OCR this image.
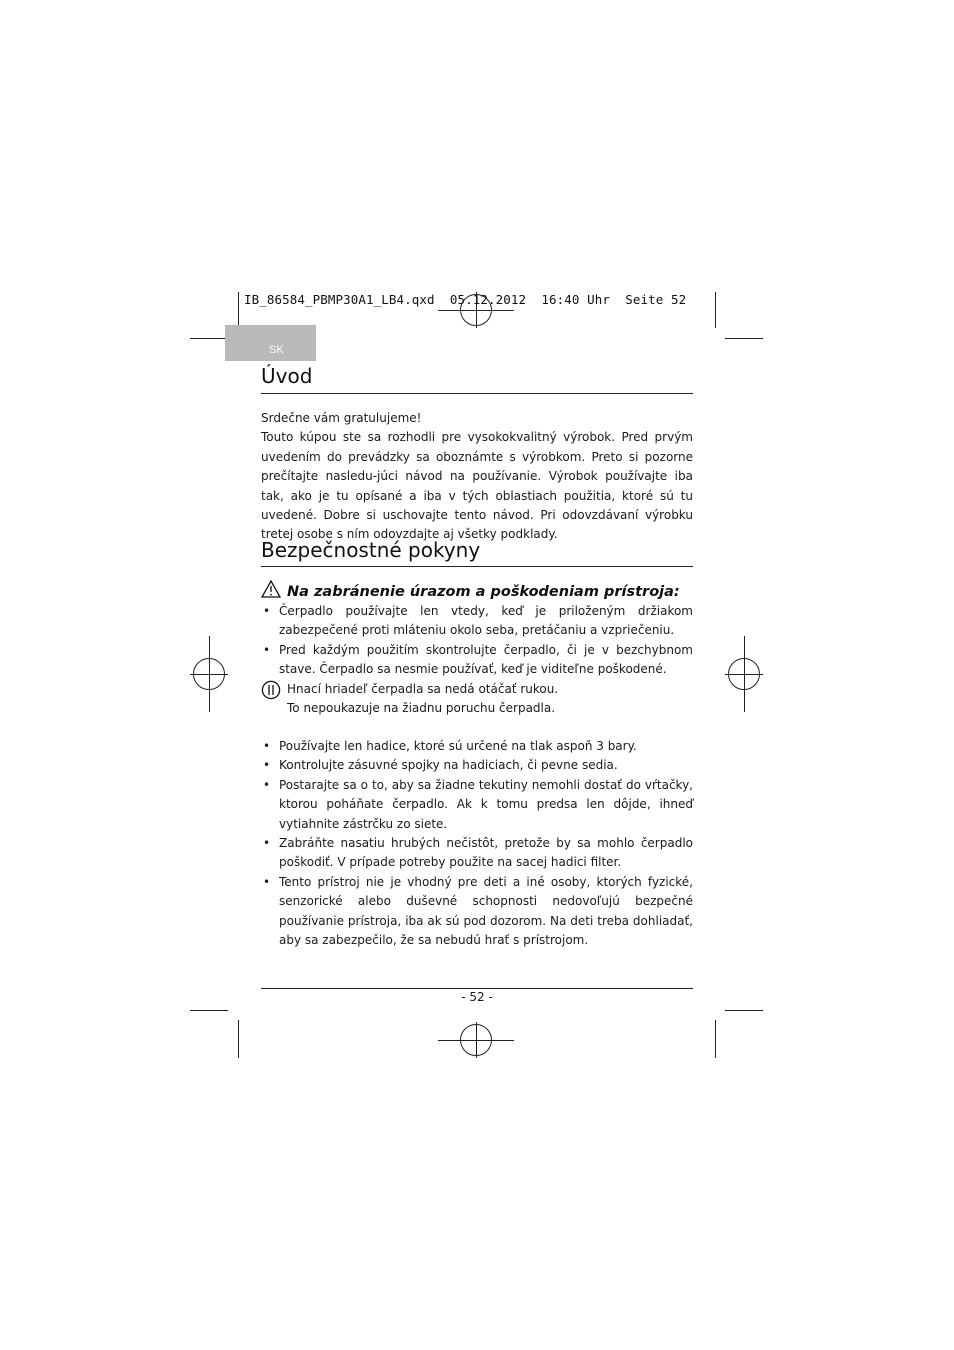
IB_86584_PBMP30A1_LB4.qxd  05.12.2012  16:40 Uhr  Seite 52
SK
Úvod

Srdečne vám gratulujeme!

Touto kúpou ste sa rozhodli pre vysokokvalitný výrobok. Pred prvým uvedením do prevádzky sa oboznámte s výrobkom. Preto si pozorne prečítajte nasledu-júci návod na používanie. Výrobok používajte iba tak, ako je tu opísané a iba v tých oblastiach použitia, ktoré sú tu uvedené. Dobre si uschovajte tento návod. Pri odovzdávaní výrobku tretej osobe s ním odovzdajte aj všetky podklady.

Bezpečnostné pokyny
Na zabránenie úrazom a poškodeniam prístroja:
• Čerpadlo používajte len vtedy, keď je priloženým držiakom zabezpečené proti mláteniu okolo seba, pretáčaniu a vzpriečeniu.
• Pred každým použitím skontrolujte čerpadlo, či je v bezchybnom stave. Čerpadlo sa nesmie používať, keď je viditeľne poškodené.
Hnací hriadeľ čerpadla sa nedá otáčať rukou.
To nepoukazuje na žiadnu poruchu čerpadla.
• Používajte len hadice, ktoré sú určené na tlak aspoň 3 bary.
• Kontrolujte zásuvné spojky na hadiciach, či pevne sedia.
• Postarajte sa o to, aby sa žiadne tekutiny nemohli dostať do vŕtačky, ktorou poháňate čerpadlo. Ak k tomu predsa len dôjde, ihneď vytiahnite zástrčku zo siete.
• Zabráňte nasatiu hrubých nečistôt, pretože by sa mohlo čerpadlo poškodiť. V prípade potreby použite na sacej hadici filter.
• Tento prístroj nie je vhodný pre deti a iné osoby, ktorých fyzické, senzorické alebo duševné schopnosti nedovoľujú bezpečné používanie prístroja, iba ak sú pod dozorom. Na deti treba dohliadať, aby sa zabezpečilo, že sa nebudú hrať s prístrojom.
- 52 -
